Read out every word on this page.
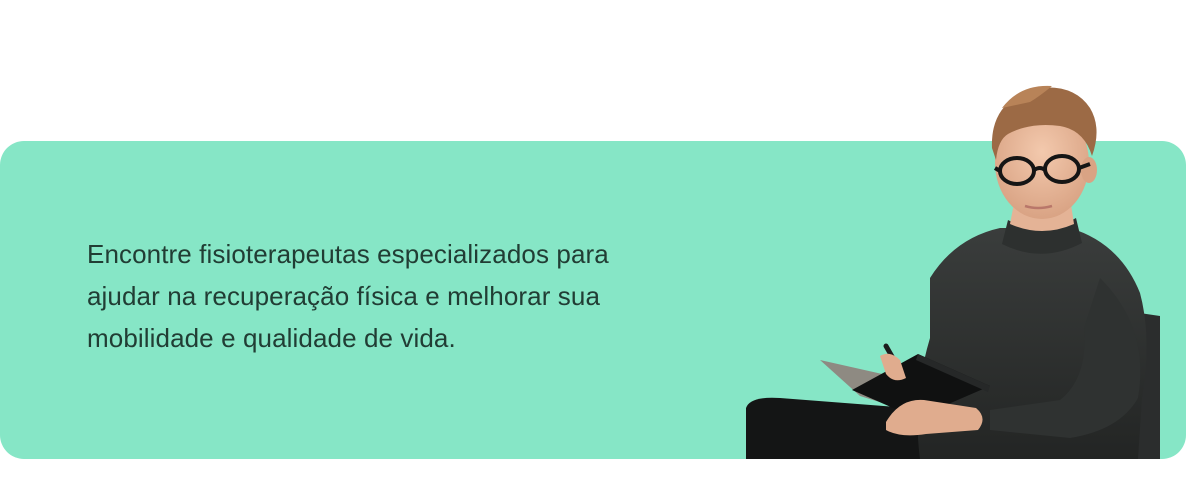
Encontre fisioterapeutas especializados para
ajudar na recuperação física e melhorar sua
mobilidade e qualidade de vida.
